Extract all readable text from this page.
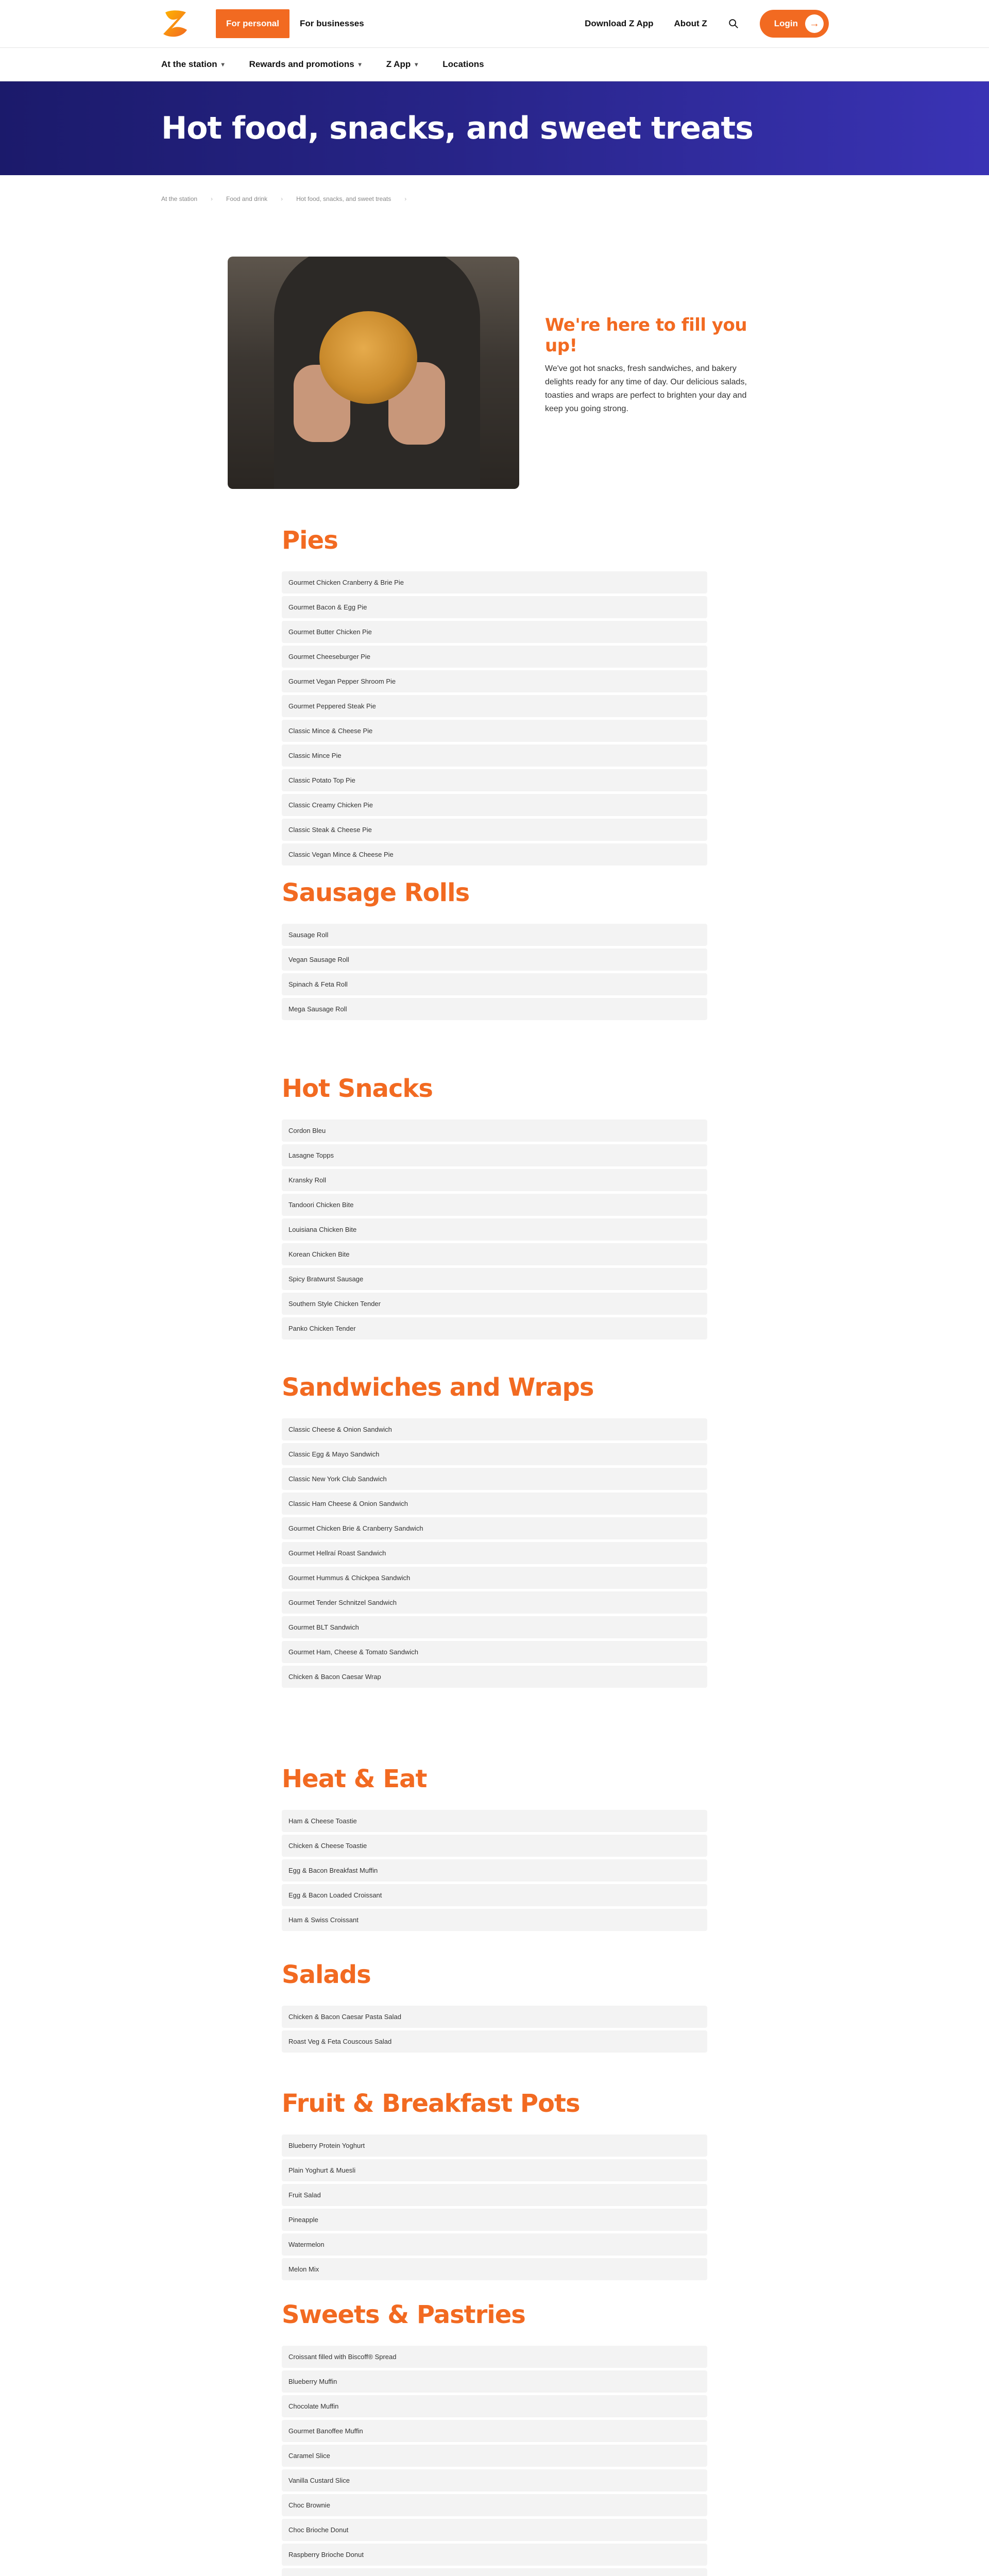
For personal	For businesses	Download Z App About Z	Login	→
At the station ▾	Rewards and promotions ▾	Z App ▾	Locations
Hot food, snacks, and sweet treats
At the station › Food and drink › Hot food, snacks, and sweet treats ›
We're here to fill you up!

We've got hot snacks, fresh sandwiches, and bakery delights ready for any time of day. Our delicious salads, toasties and wraps are perfect to brighten your day and keep you going strong.

Pies
Gourmet Chicken Cranberry & Brie Pie
Gourmet Bacon & Egg Pie
Gourmet Butter Chicken Pie
Gourmet Cheeseburger Pie
Gourmet Vegan Pepper Shroom Pie
Gourmet Peppered Steak Pie
Classic Mince & Cheese Pie
Classic Mince Pie
Classic Potato Top Pie
Classic Creamy Chicken Pie
Classic Steak & Cheese Pie
Classic Vegan Mince & Cheese Pie
Sausage Rolls
Sausage Roll
Vegan Sausage Roll
Spinach & Feta Roll
Mega Sausage Roll
Hot Snacks
Cordon Bleu
Lasagne Topps
Kransky Roll
Tandoori Chicken Bite
Louisiana Chicken Bite
Korean Chicken Bite
Spicy Bratwurst Sausage
Southern Style Chicken Tender
Panko Chicken Tender
Sandwiches and Wraps
Classic Cheese & Onion Sandwich
Classic Egg & Mayo Sandwich
Classic New York Club Sandwich
Classic Ham Cheese & Onion Sandwich
Gourmet Chicken Brie & Cranberry Sandwich
Gourmet Hellraí Roast Sandwich
Gourmet Hummus & Chickpea Sandwich
Gourmet Tender Schnitzel Sandwich
Gourmet BLT Sandwich
Gourmet Ham, Cheese & Tomato Sandwich
Chicken & Bacon Caesar Wrap
Heat & Eat
Ham & Cheese Toastie
Chicken & Cheese Toastie
Egg & Bacon Breakfast Muffin
Egg & Bacon Loaded Croissant
Ham & Swiss Croissant
Salads
Chicken & Bacon Caesar Pasta Salad
Roast Veg & Feta Couscous Salad
Fruit & Breakfast Pots
Blueberry Protein Yoghurt
Plain Yoghurt & Muesli
Fruit Salad
Pineapple
Watermelon
Melon Mix
Sweets & Pastries
Croissant filled with Biscoff® Spread
Blueberry Muffin
Chocolate Muffin
Gourmet Banoffee Muffin
Caramel Slice
Vanilla Custard Slice
Choc Brownie
Choc Brioche Donut
Raspberry Brioche Donut
